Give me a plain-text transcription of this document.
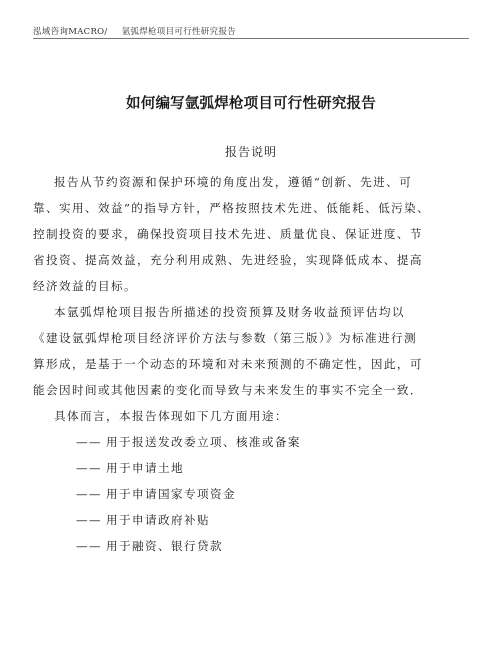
泓域咨询MACRO/ 氩弧焊枪项目可行性研究报告
如何编写氩弧焊枪项目可行性研究报告
报告说明
报告从节约资源和保护环境的角度出发，遵循“创新、先进、可
靠、实用、效益”的指导方针，严格按照技术先进、低能耗、低污染、
控制投资的要求，确保投资项目技术先进、质量优良、保证进度、节
省投资、提高效益，充分利用成熟、先进经验，实现降低成本、提高
经济效益的目标。
本氩弧焊枪项目报告所描述的投资预算及财务收益预评估均以
《建设氩弧焊枪项目经济评价方法与参数（第三版）》为标准进行测
算形成，是基于一个动态的环境和对未来预测的不确定性，因此，可
能会因时间或其他因素的变化而导致与未来发生的事实不完全一致．
具体而言，本报告体现如下几方面用途：
—— 用于报送发改委立项、核准或备案
—— 用于申请土地
—— 用于申请国家专项资金
—— 用于申请政府补贴
—— 用于融资、银行贷款
